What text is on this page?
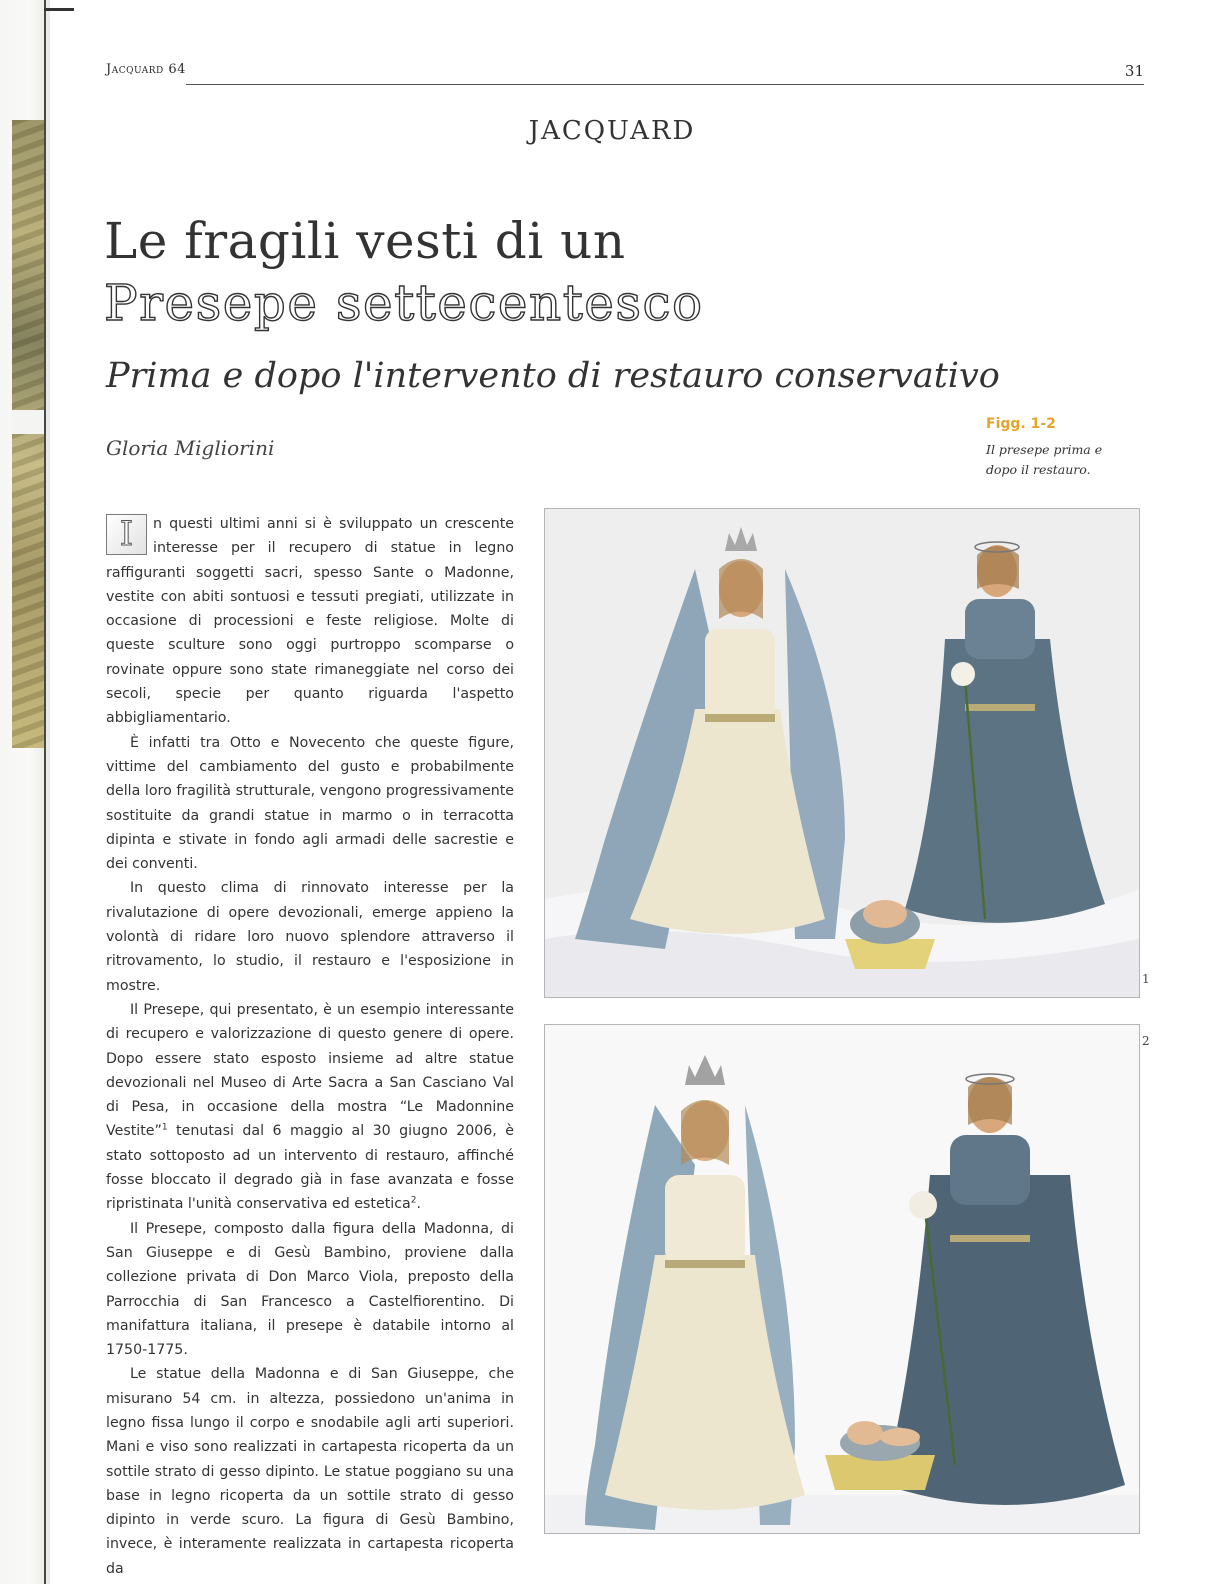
Jacquard 64	31
JACQUARD
Le fragili vesti di un
Presepe settecentesco
Prima e dopo l'intervento di restauro conservativo
Gloria Migliorini
Figg. 1-2
Il presepe prima e dopo il restauro.

I	n questi ultimi anni si è sviluppato un crescente interesse per il recupero di statue in legno raffiguranti soggetti sacri, spesso Sante o Madonne, vestite con abiti sontuosi e tessuti pregiati, utilizzate in occasione di processioni e feste religiose. Molte di queste sculture sono oggi purtroppo scomparse o rovinate oppure sono state rimaneggiate nel corso dei secoli, specie per quanto riguarda l'aspetto abbigliamentario.

È infatti tra Otto e Novecento che queste figure, vittime del cambiamento del gusto e probabilmente della loro fragilità strutturale, vengono progressivamente sostituite da grandi statue in marmo o in terracotta dipinta e stivate in fondo agli armadi delle sacrestie e dei conventi.

In questo clima di rinnovato interesse per la rivalutazione di opere devozionali, emerge appieno la volontà di ridare loro nuovo splendore attraverso il ritrovamento, lo studio, il restauro e l'esposizione in mostre.

Il Presepe, qui presentato, è un esempio interessante di recupero e valorizzazione di questo genere di opere. Dopo essere stato esposto insieme ad altre statue devozionali nel Museo di Arte Sacra a San Casciano Val di Pesa, in occasione della mostra “Le Madonnine Vestite”$^1$ tenutasi dal 6 maggio al 30 giugno 2006, è stato sottoposto ad un intervento di restauro, affinché fosse bloccato il degrado già in fase avanzata e fosse ripristinata l'unità conservativa ed estetica$^2$.

Il Presepe, composto dalla figura della Madonna, di San Giuseppe e di Gesù Bambino, proviene dalla collezione privata di Don Marco Viola, preposto della Parrocchia di San Francesco a Castelfiorentino. Di manifattura italiana, il presepe è databile intorno al 1750-1775.

Le statue della Madonna e di San Giuseppe, che misurano 54 cm. in altezza, possiedono un'anima in legno fissa lungo il corpo e snodabile agli arti superiori. Mani e viso sono realizzati in cartapesta ricoperta da un sottile strato di gesso dipinto. Le statue poggiano su una base in legno ricoperta da un sottile strato di gesso dipinto in verde scuro. La figura di Gesù Bambino, invece, è interamente realizzata in cartapesta ricoperta da

1
2
